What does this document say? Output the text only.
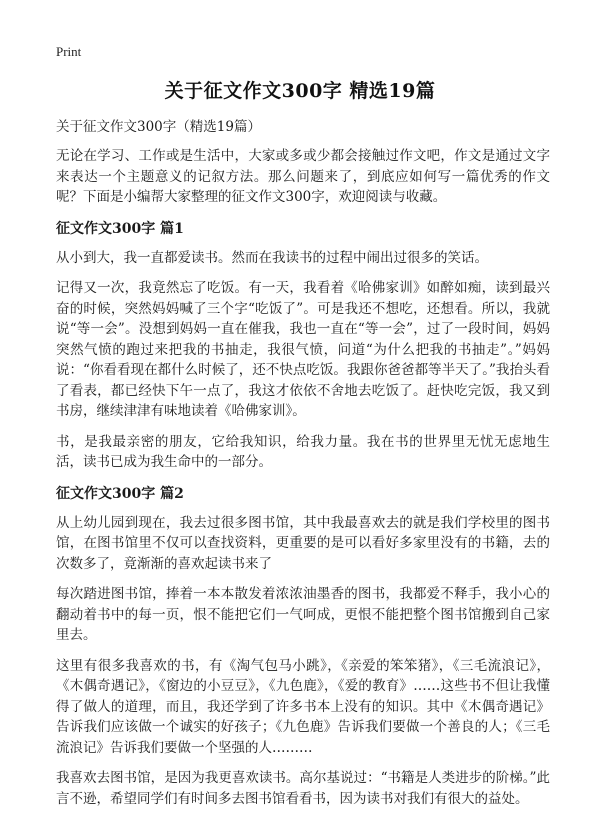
Print
关于征文作文300字 精选19篇
关于征文作文300字（精选19篇）
无论在学习、工作或是生活中，大家或多或少都会接触过作文吧，作文是通过文字来表达一个主题意义的记叙方法。那么问题来了，到底应如何写一篇优秀的作文呢？下面是小编帮大家整理的征文作文300字，欢迎阅读与收藏。
征文作文300字 篇1
从小到大，我一直都爱读书。然而在我读书的过程中闹出过很多的笑话。
记得又一次，我竟然忘了吃饭。有一天，我看着《哈佛家训》如醉如痴，读到最兴奋的时候，突然妈妈喊了三个字“吃饭了”。可是我还不想吃，还想看。所以，我就说“等一会”。没想到妈妈一直在催我，我也一直在“等一会”，过了一段时间，妈妈突然气愤的跑过来把我的书抽走，我很气愤，问道“为什么把我的书抽走”。”妈妈说：“你看看现在都什么时候了，还不快点吃饭。我跟你爸爸都等半天了。”我抬头看了看表，都已经快下午一点了，我这才依依不舍地去吃饭了。赶快吃完饭，我又到书房，继续津津有味地读着《哈佛家训》。
书，是我最亲密的朋友，它给我知识，给我力量。我在书的世界里无忧无虑地生活，读书已成为我生命中的一部分。
征文作文300字 篇2
从上幼儿园到现在，我去过很多图书馆，其中我最喜欢去的就是我们学校里的图书馆，在图书馆里不仅可以查找资料，更重要的是可以看好多家里没有的书籍，去的次数多了，竟渐渐的喜欢起读书来了
每次踏进图书馆，捧着一本本散发着浓浓油墨香的图书，我都爱不释手，我小心的翻动着书中的每一页，恨不能把它们一气呵成，更恨不能把整个图书馆搬到自己家里去。
这里有很多我喜欢的书，有《淘气包马小跳》，《亲爱的笨笨猪》，《三毛流浪记》，《木偶奇遇记》，《窗边的小豆豆》，《九色鹿》，《爱的教育》……这些书不但让我懂得了做人的道理，而且，我还学到了许多书本上没有的知识。其中《木偶奇遇记》告诉我们应该做一个诚实的好孩子；《九色鹿》告诉我们要做一个善良的人；《三毛流浪记》告诉我们要做一个坚强的人………
我喜欢去图书馆，是因为我更喜欢读书。高尔基说过：“书籍是人类进步的阶梯。”此言不逊，希望同学们有时间多去图书馆看看书，因为读书对我们有很大的益处。
